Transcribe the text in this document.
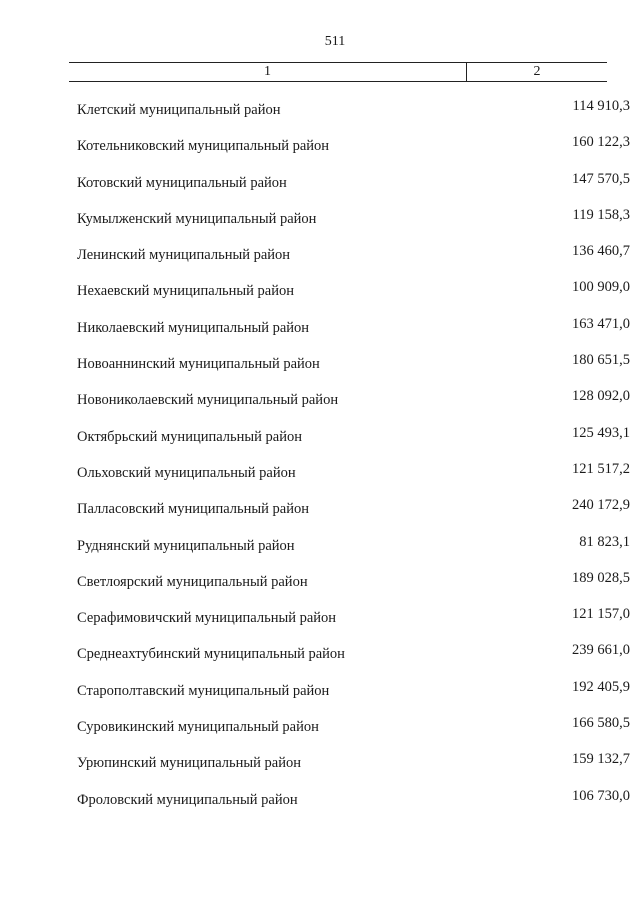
511
1	2
Клетский муниципальный район	114 910,3
Котельниковский муниципальный район	160 122,3
Котовский муниципальный район	147 570,5
Кумылженский муниципальный район	119 158,3
Ленинский муниципальный район	136 460,7
Нехаевский муниципальный район	100 909,0
Николаевский муниципальный район	163 471,0
Новоаннинский муниципальный район	180 651,5
Новониколаевский муниципальный район	128 092,0
Октябрьский муниципальный район	125 493,1
Ольховский муниципальный район	121 517,2
Палласовский муниципальный район	240 172,9
Руднянский муниципальный район	81 823,1
Светлоярский муниципальный район	189 028,5
Серафимовичский муниципальный район	121 157,0
Среднеахтубинский муниципальный район	239 661,0
Старополтавский муниципальный район	192 405,9
Суровикинский муниципальный район	166 580,5
Урюпинский муниципальный район	159 132,7
Фроловский муниципальный район	106 730,0
